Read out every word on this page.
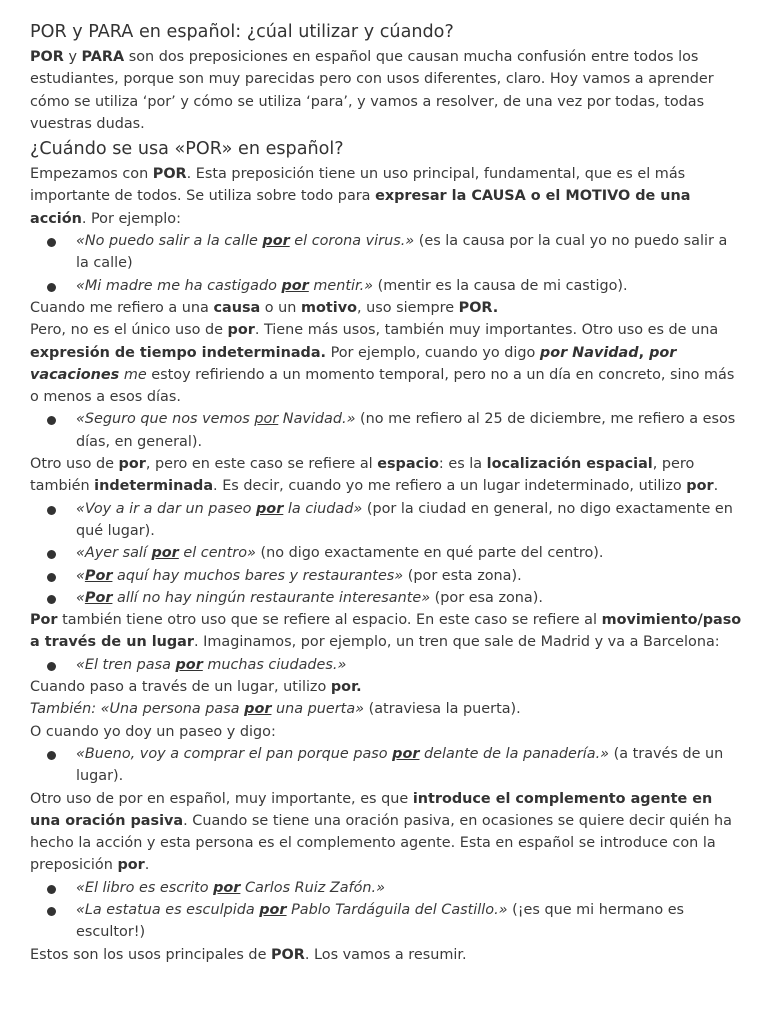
POR y PARA en español: ¿cúal utilizar y cúando?

POR y PARA son dos preposiciones en español que causan mucha confusión entre todos los estudiantes, porque son muy parecidas pero con usos diferentes, claro. Hoy vamos a aprender cómo se utiliza ‘por’ y cómo se utiliza ‘para’, y vamos a resolver, de una vez por todas, todas vuestras dudas.

¿Cuándo se usa «POR» en español?

Empezamos con POR. Esta preposición tiene un uso principal, fundamental, que es el más importante de todos. Se utiliza sobre todo para expresar la CAUSA o el MOTIVO de una acción. Por ejemplo:

«No puedo salir a la calle por el corona virus.» (es la causa por la cual yo no puedo salir a la calle)
«Mi madre me ha castigado por mentir.» (mentir es la causa de mi castigo).

Cuando me refiero a una causa o un motivo, uso siempre POR.

Pero, no es el único uso de por. Tiene más usos, también muy importantes. Otro uso es de una expresión de tiempo indeterminada. Por ejemplo, cuando yo digo por Navidad, por vacaciones me estoy refiriendo a un momento temporal, pero no a un día en concreto, sino más o menos a esos días.

«Seguro que nos vemos por Navidad.» (no me refiero al 25 de diciembre, me refiero a esos días, en general).

Otro uso de por, pero en este caso se refiere al espacio: es la localización espacial, pero también indeterminada. Es decir, cuando yo me refiero a un lugar indeterminado, utilizo por.

«Voy a ir a dar un paseo por la ciudad» (por la ciudad en general, no digo exactamente en qué lugar).
«Ayer salí por el centro» (no digo exactamente en qué parte del centro).
«Por aquí hay muchos bares y restaurantes» (por esta zona).
«Por allí no hay ningún restaurante interesante» (por esa zona).

Por también tiene otro uso que se refiere al espacio. En este caso se refiere al movimiento/paso a través de un lugar. Imaginamos, por ejemplo, un tren que sale de Madrid y va a Barcelona:

«El tren pasa por muchas ciudades.»

Cuando paso a través de un lugar, utilizo por.

También: «Una persona pasa por una puerta» (atraviesa la puerta).

O cuando yo doy un paseo y digo:

«Bueno, voy a comprar el pan porque paso por delante de la panadería.» (a través de un lugar).

Otro uso de por en español, muy importante, es que introduce el complemento agente en una oración pasiva. Cuando se tiene una oración pasiva, en ocasiones se quiere decir quién ha hecho la acción y esta persona es el complemento agente. Esta en español se introduce con la preposición por.

«El libro es escrito por Carlos Ruiz Zafón.»
«La estatua es esculpida por Pablo Tardáguila del Castillo.» (¡es que mi hermano es escultor!)

Estos son los usos principales de POR. Los vamos a resumir.
